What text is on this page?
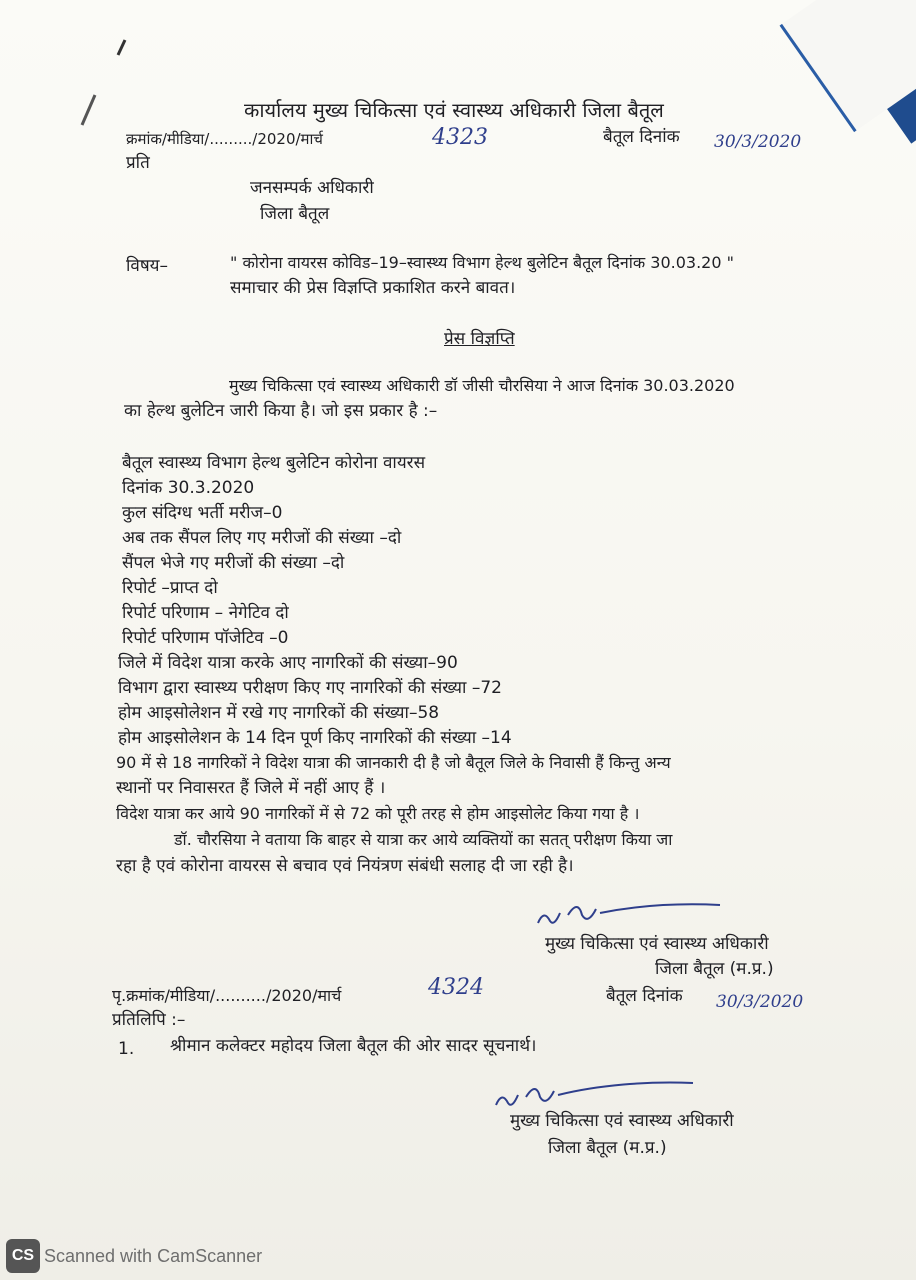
कार्यालय मुख्य चिकित्सा एवं स्वास्थ्य अधिकारी जिला बैतूल
क्रमांक/मीडिया/........./2020/मार्च	4323	बैतूल दिनांक 30/3/2020
प्रति
जनसम्पर्क अधिकारी
जिला बैतूल
विषय–	" कोरोना वायरस कोविड–19–स्वास्थ्य विभाग हेल्थ बुलेटिन बैतूल दिनांक 30.03.20 "
समाचार की प्रेस विज्ञप्ति प्रकाशित करने बावत।
प्रेस विज्ञप्ति
मुख्य चिकित्सा एवं स्वास्थ्य अधिकारी डॉ जीसी चौरसिया ने आज दिनांक 30.03.2020
का हेल्थ बुलेटिन जारी किया है। जो इस प्रकार है :–
बैतूल स्वास्थ्य विभाग हेल्थ बुलेटिन कोरोना वायरस
दिनांक 30.3.2020
कुल संदिग्ध भर्ती मरीज–0
अब तक सैंपल लिए गए मरीजों की संख्या –दो
सैंपल भेजे गए मरीजों की संख्या –दो
रिपोर्ट –प्राप्त दो
रिपोर्ट परिणाम – नेगेटिव दो
रिपोर्ट परिणाम पॉजेटिव –0
जिले में विदेश यात्रा करके आए नागरिकों की संख्या–90
विभाग द्वारा स्वास्थ्य परीक्षण किए गए नागरिकों की संख्या –72
होम आइसोलेशन में रखे गए नागरिकों की संख्या–58
होम आइसोलेशन के 14 दिन पूर्ण किए नागरिकों की संख्या –14
90 में से 18 नागरिकों ने विदेश यात्रा की जानकारी दी है जो बैतूल जिले के निवासी हैं किन्तु अन्य
स्थानों पर निवासरत हैं जिले में नहीं आए हैं ।
विदेश यात्रा कर आये 90 नागरिकों में से 72 को पूरी तरह से होम आइसोलेट किया गया है ।
डॉ. चौरसिया ने वताया कि बाहर से यात्रा कर आये व्यक्तियों का सतत् परीक्षण किया जा
रहा है एवं कोरोना वायरस से बचाव एवं नियंत्रण संबंधी सलाह दी जा रही है।
मुख्य चिकित्सा एवं स्वास्थ्य अधिकारी
जिला बैतूल (म.प्र.)
पृ.क्रमांक/मीडिया/........../2020/मार्च	4324	बैतूल दिनांक 30/3/2020
प्रतिलिपि :–
1. श्रीमान कलेक्टर महोदय जिला बैतूल की ओर सादर सूचनार्थ।
मुख्य चिकित्सा एवं स्वास्थ्य अधिकारी
जिला बैतूल (म.प्र.)
CS Scanned with CamScanner
